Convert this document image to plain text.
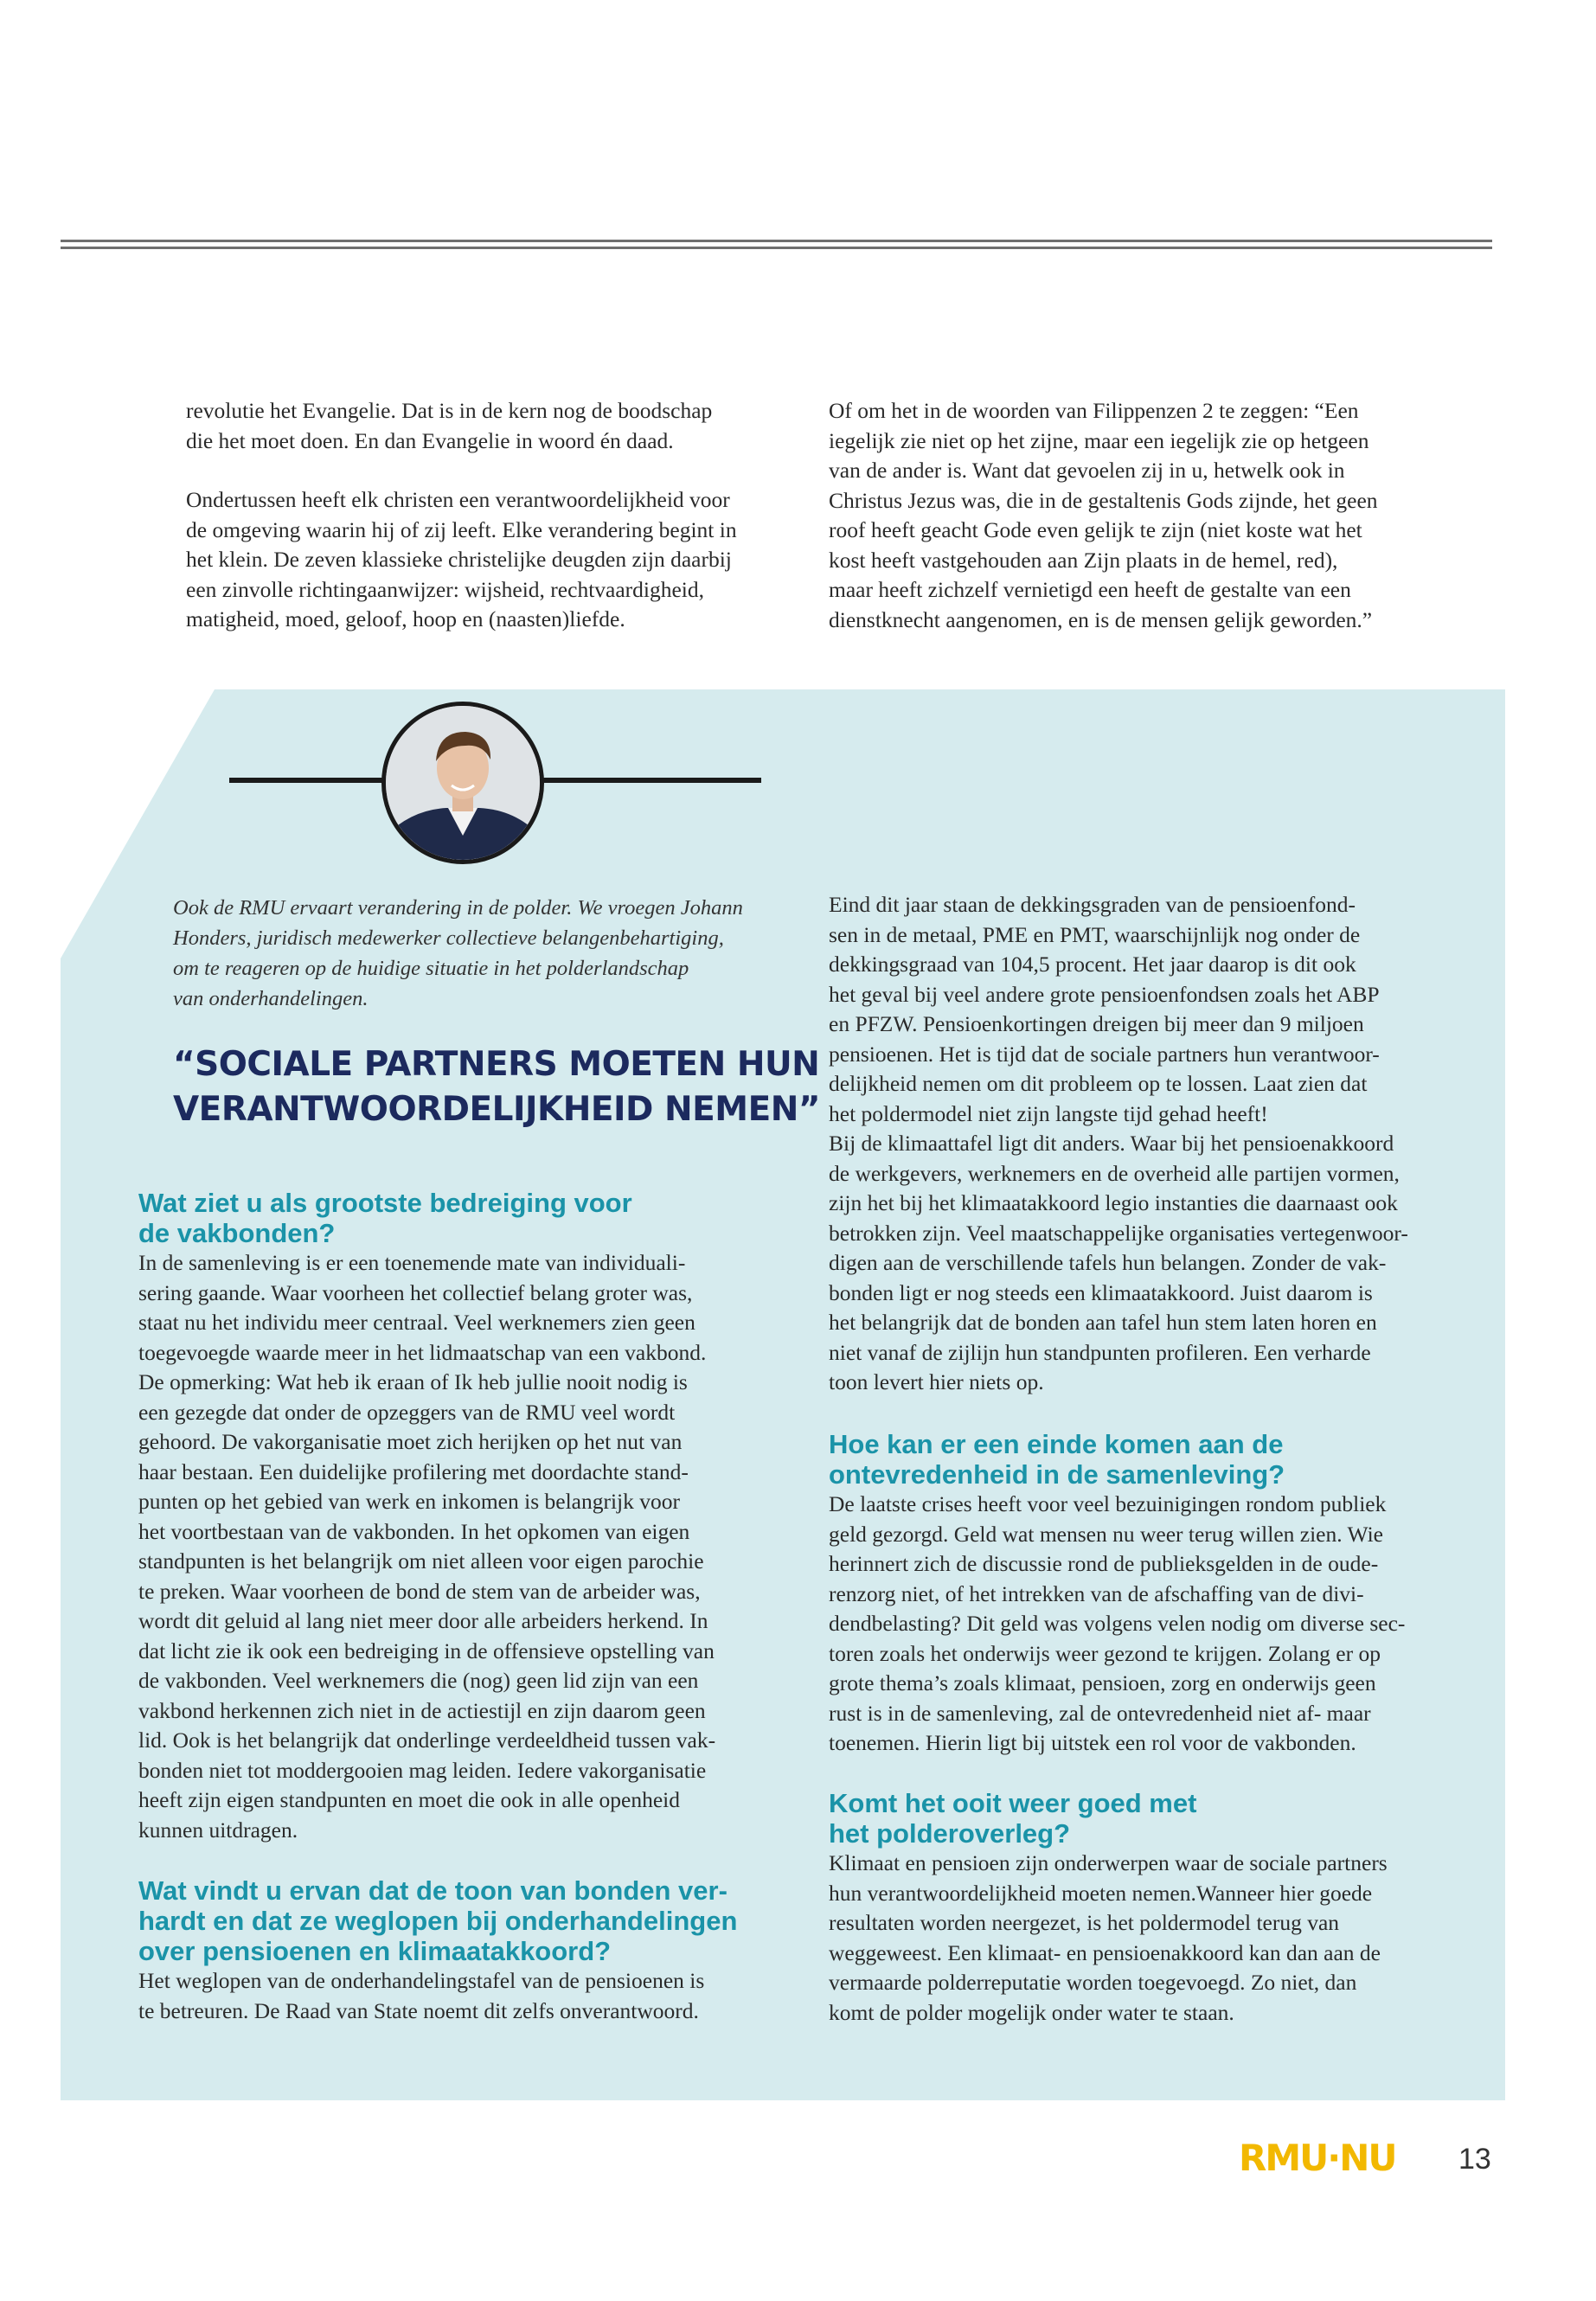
revolutie het Evangelie. Dat is in de kern nog de boodschap
die het moet doen. En dan Evangelie in woord én daad.

Ondertussen heeft elk christen een verantwoordelijkheid voor
de omgeving waarin hij of zij leeft. Elke verandering begint in
het klein. De zeven klassieke christelijke deugden zijn daarbij
een zinvolle richtingaanwijzer: wijsheid, rechtvaardigheid,
matigheid, moed, geloof, hoop en (naasten)liefde.

Of om het in de woorden van Filippenzen 2 te zeggen: “Een
iegelijk zie niet op het zijne, maar een iegelijk zie op hetgeen
van de ander is. Want dat gevoelen zij in u, hetwelk ook in
Christus Jezus was, die in de gestaltenis Gods zijnde, het geen
roof heeft geacht Gode even gelijk te zijn (niet koste wat het
kost heeft vastgehouden aan Zijn plaats in de hemel, red),
maar heeft zichzelf vernietigd een heeft de gestalte van een
dienstknecht aangenomen, en is de mensen gelijk geworden.”

Ook de RMU ervaart verandering in de polder. We vroegen Johann
Honders, juridisch medewerker collectieve belangenbehartiging,
om te reageren op de huidige situatie in het polderlandschap
van onderhandelingen.

“SOCIALE PARTNERS MOETEN HUN
VERANTWOORDELIJKHEID NEMEN”
Wat ziet u als grootste bedreiging voor
de vakbonden?

In de samenleving is er een toenemende mate van individuali-
sering gaande. Waar voorheen het collectief belang groter was,
staat nu het individu meer centraal. Veel werknemers zien geen
toegevoegde waarde meer in het lidmaatschap van een vakbond.
De opmerking: Wat heb ik eraan of Ik heb jullie nooit nodig is
een gezegde dat onder de opzeggers van de RMU veel wordt
gehoord. De vakorganisatie moet zich herijken op het nut van
haar bestaan. Een duidelijke profilering met doordachte stand-
punten op het gebied van werk en inkomen is belangrijk voor
het voortbestaan van de vakbonden. In het opkomen van eigen
standpunten is het belangrijk om niet alleen voor eigen parochie
te preken. Waar voorheen de bond de stem van de arbeider was,
wordt dit geluid al lang niet meer door alle arbeiders herkend. In
dat licht zie ik ook een bedreiging in de offensieve opstelling van
de vakbonden. Veel werknemers die (nog) geen lid zijn van een
vakbond herkennen zich niet in de actiestijl en zijn daarom geen
lid. Ook is het belangrijk dat onderlinge verdeeldheid tussen vak-
bonden niet tot moddergooien mag leiden. Iedere vakorganisatie
heeft zijn eigen standpunten en moet die ook in alle openheid
kunnen uitdragen.

Wat vindt u ervan dat de toon van bonden ver-
hardt en dat ze weglopen bij onderhandelingen
over pensioenen en klimaatakkoord?

Het weglopen van de onderhandelingstafel van de pensioenen is
te betreuren. De Raad van State noemt dit zelfs onverantwoord.

Eind dit jaar staan de dekkingsgraden van de pensioenfond-
sen in de metaal, PME en PMT, waarschijnlijk nog onder de
dekkingsgraad van 104,5 procent. Het jaar daarop is dit ook
het geval bij veel andere grote pensioenfondsen zoals het ABP
en PFZW. Pensioenkortingen dreigen bij meer dan 9 miljoen
pensioenen. Het is tijd dat de sociale partners hun verantwoor-
delijkheid nemen om dit probleem op te lossen. Laat zien dat
het poldermodel niet zijn langste tijd gehad heeft!
Bij de klimaattafel ligt dit anders. Waar bij het pensioenakkoord
de werkgevers, werknemers en de overheid alle partijen vormen,
zijn het bij het klimaatakkoord legio instanties die daarnaast ook
betrokken zijn. Veel maatschappelijke organisaties vertegenwoor-
digen aan de verschillende tafels hun belangen. Zonder de vak-
bonden ligt er nog steeds een klimaatakkoord. Juist daarom is
het belangrijk dat de bonden aan tafel hun stem laten horen en
niet vanaf de zijlijn hun standpunten profileren. Een verharde
toon levert hier niets op.

Hoe kan er een einde komen aan de
ontevredenheid in de samenleving?

De laatste crises heeft voor veel bezuinigingen rondom publiek
geld gezorgd. Geld wat mensen nu weer terug willen zien. Wie
herinnert zich de discussie rond de publieksgelden in de oude-
renzorg niet, of het intrekken van de afschaffing van de divi-
dendbelasting? Dit geld was volgens velen nodig om diverse sec-
toren zoals het onderwijs weer gezond te krijgen. Zolang er op
grote thema’s zoals klimaat, pensioen, zorg en onderwijs geen
rust is in de samenleving, zal de ontevredenheid niet af- maar
toenemen. Hierin ligt bij uitstek een rol voor de vakbonden.

Komt het ooit weer goed met
het polderoverleg?

Klimaat en pensioen zijn onderwerpen waar de sociale partners
hun verantwoordelijkheid moeten nemen.Wanneer hier goede
resultaten worden neergezet, is het poldermodel terug van
weggeweest. Een klimaat- en pensioenakkoord kan dan aan de
vermaarde polderreputatie worden toegevoegd. Zo niet, dan
komt de polder mogelijk onder water te staan.

RMU·NU 13
